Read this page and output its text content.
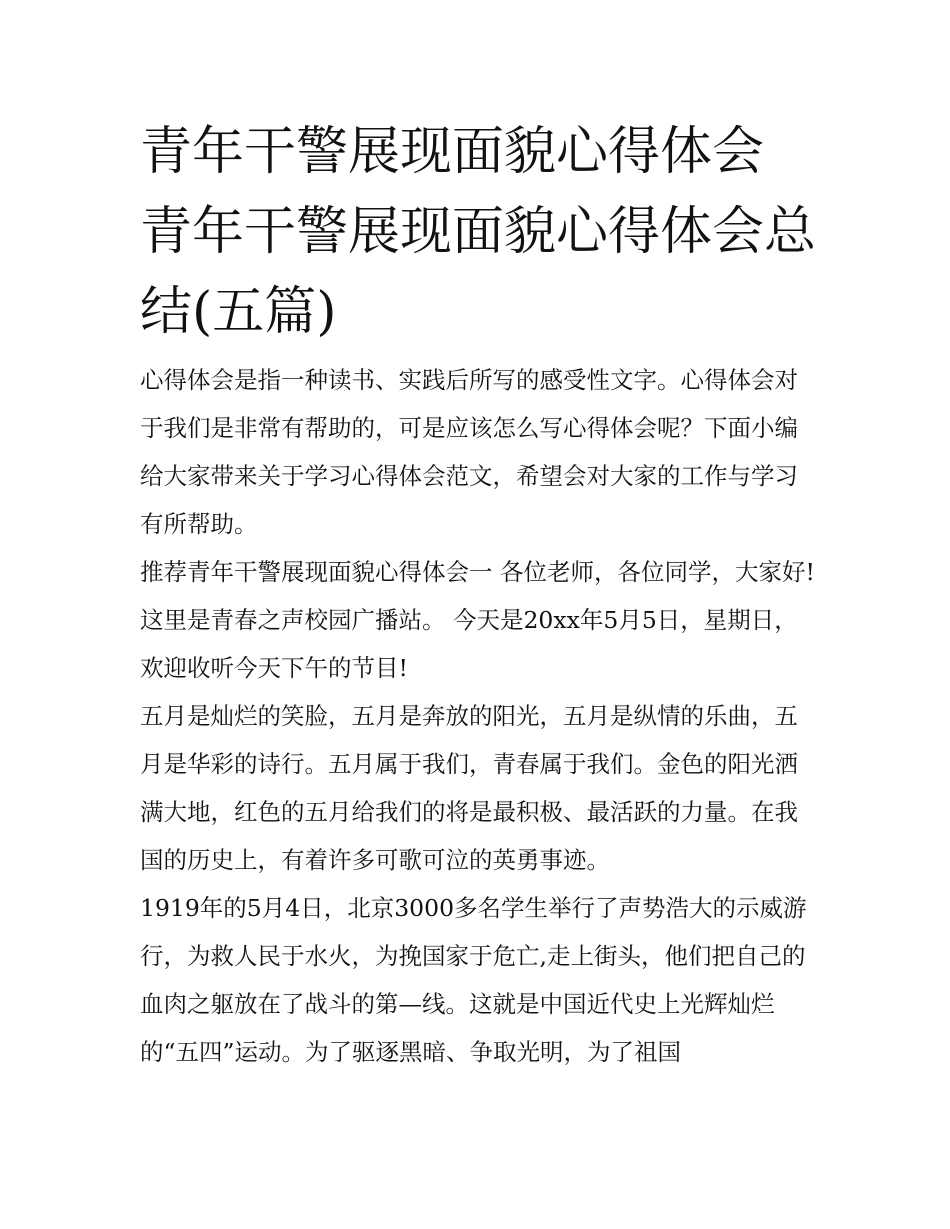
青年干警展现面貌心得体会 青年干警展现面貌心得体会总结(五篇)

心得体会是指一种读书、实践后所写的感受性文字。心得体会对于我们是非常有帮助的，可是应该怎么写心得体会呢？下面小编给大家带来关于学习心得体会范文，希望会对大家的工作与学习有所帮助。

推荐青年干警展现面貌心得体会一 各位老师，各位同学，大家好!这里是青春之声校园广播站。 今天是20xx年5月5日，星期日，欢迎收听今天下午的节目!

五月是灿烂的笑脸，五月是奔放的阳光，五月是纵情的乐曲，五月是华彩的诗行。五月属于我们，青春属于我们。金色的阳光洒满大地，红色的五月给我们的将是最积极、最活跃的力量。在我国的历史上，有着许多可歌可泣的英勇事迹。

1919年的5月4日，北京3000多名学生举行了声势浩大的示威游行，为救人民于水火，为挽国家于危亡,走上街头，他们把自己的血肉之躯放在了战斗的第—线。这就是中国近代史上光辉灿烂的“五四”运动。为了驱逐黑暗、争取光明，为了祖国
